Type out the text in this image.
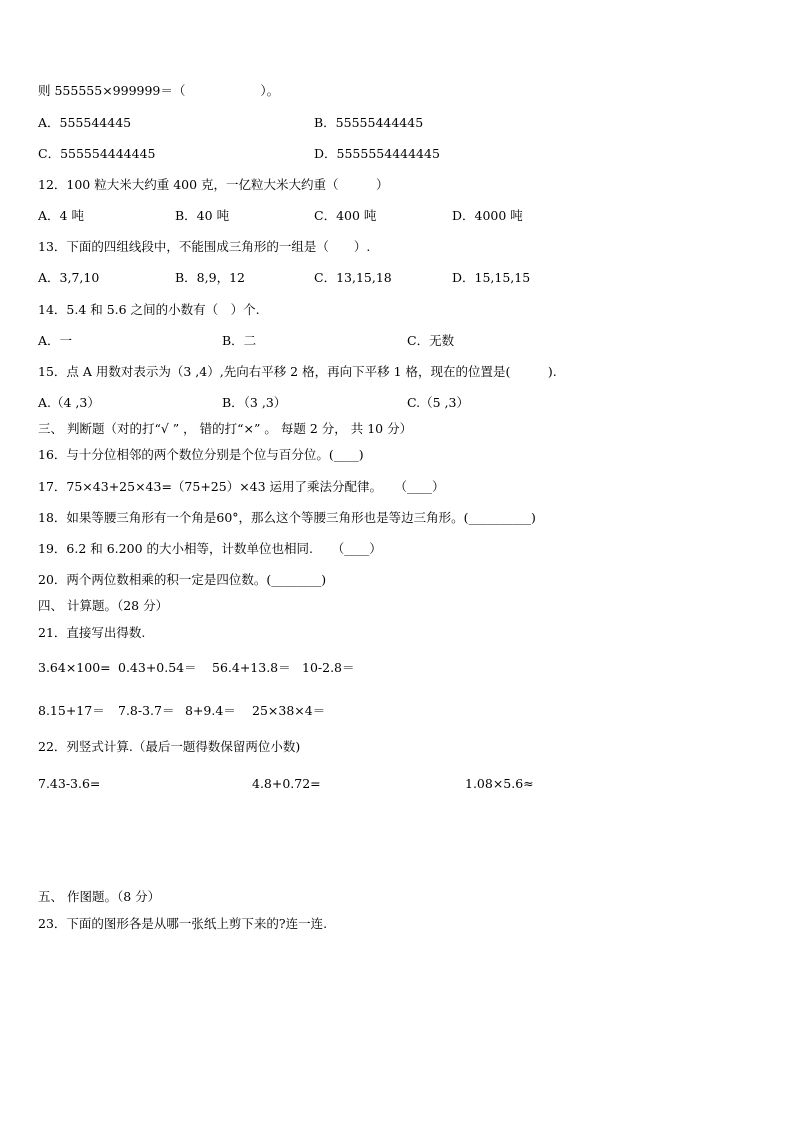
则 555555×999999＝（　　　　　　）。
A．555544445	B．55555444445
C．555554444445	D．5555554444445
12．100 粒大米大约重 400 克，一亿粒大米大约重（　　　）
A．4 吨	B．40 吨	C．400 吨	D．4000 吨
13．下面的四组线段中，不能围成三角形的一组是（　　）.
A．3,7,10	B．8,9，12	C．13,15,18	D．15,15,15
14．5.4 和 5.6 之间的小数有（　）个.
A．一	B．二	C．无数
15．点 A 用数对表示为（3 ,4）,先向右平移 2 格，再向下平移 1 格，现在的位置是(　　　).
A.（4 ,3）	B．（3 ,3）	C.（5 ,3）
三、 判断题（对的打“√ ” ， 错的打“×” 。 每题 2 分， 共 10 分）
16．与十分位相邻的两个数位分别是个位与百分位。(____)
17．75×43+25×43=（75+25）×43 运用了乘法分配律。　　（____）
18．如果等腰三角形有一个角是60°，那么这个等腰三角形也是等边三角形。(__________)
19．6.2 和 6.200 的大小相等，计数单位也相同.　　（____）
20．两个两位数相乘的积一定是四位数。(________)
四、 计算题。（28 分）
21．直接写出得数.
3.64×100= 0.43+0.54＝ 56.4+13.8＝ 10-2.8＝
8.15+17＝ 7.8-3.7＝ 8+9.4＝ 25×38×4＝
22．列竖式计算.（最后一题得数保留两位小数)
7.43-3.6=	4.8+0.72=	1.08×5.6≈
五、 作图题。（8 分）
23．下面的图形各是从哪一张纸上剪下来的?连一连.
